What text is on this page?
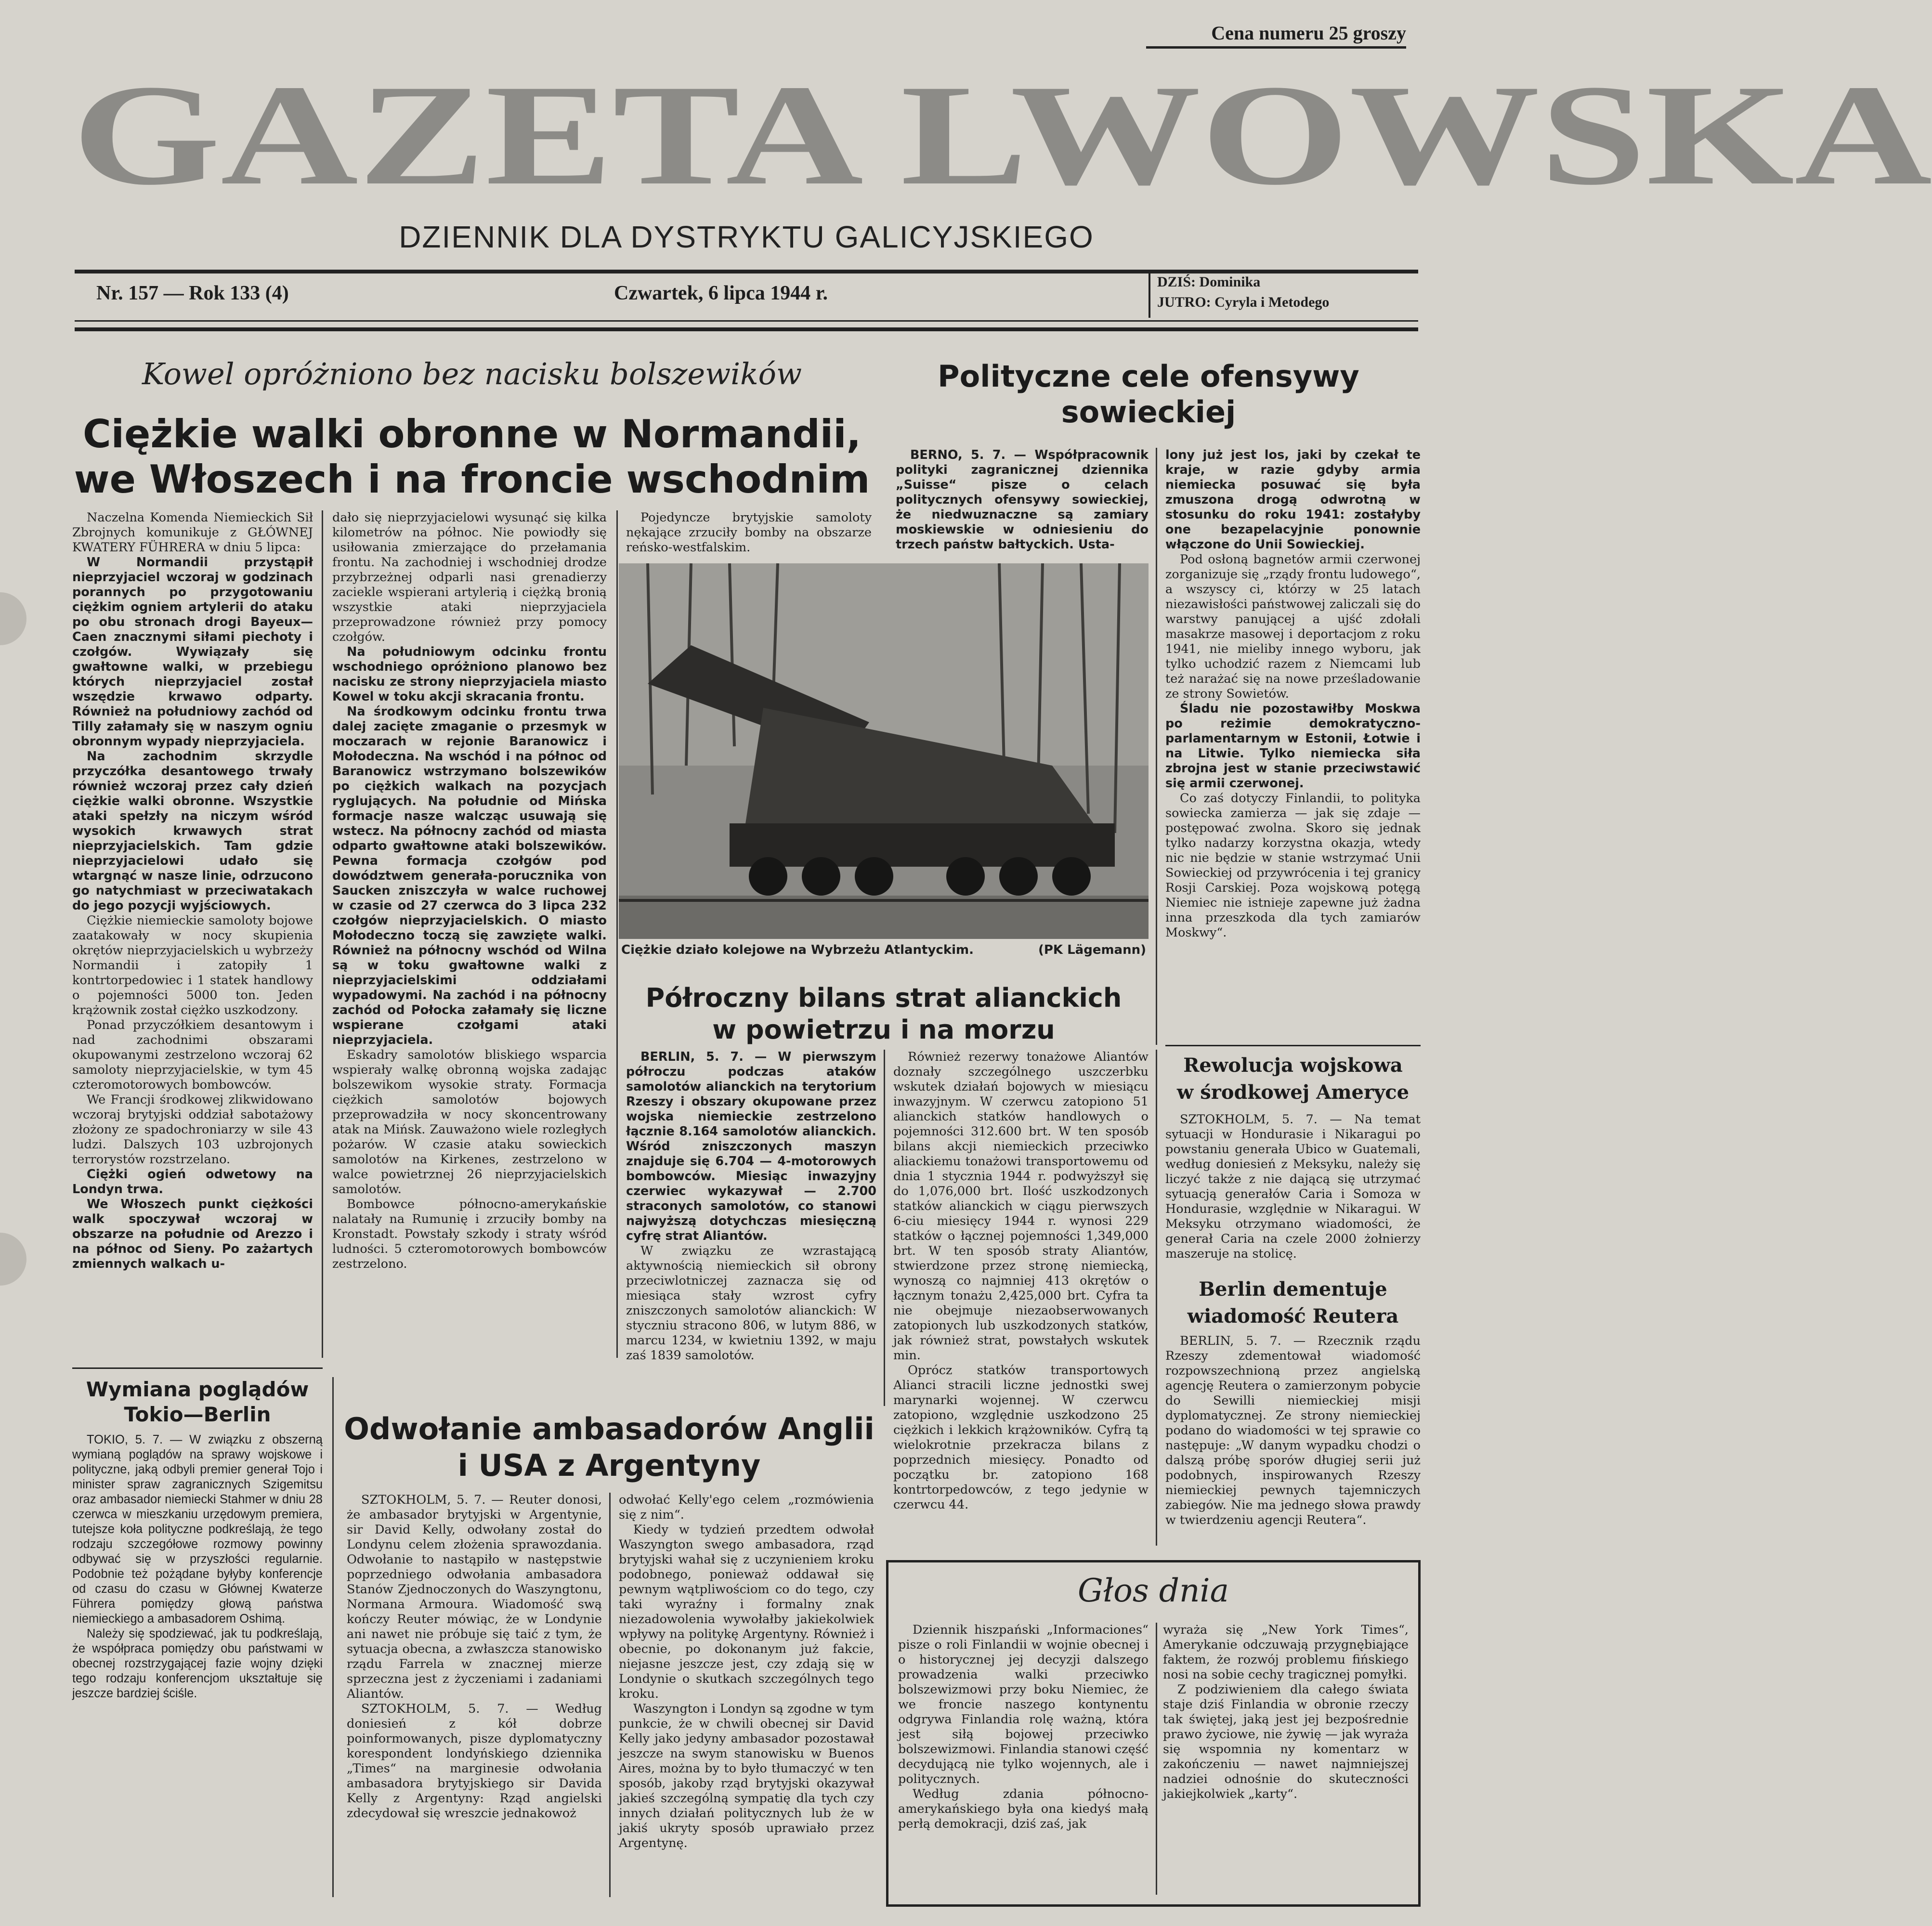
Cena numeru 25 groszy
GAZETA LWOWSKA
DZIENNIK DLA DYSTRYKTU GALICYJSKIEGO
Nr. 157 — Rok 133 (4)	Czwartek, 6 lipca 1944 r.
DZIŚ: Dominika
JUTRO: Cyryla i Metodego
Kowel opróżniono bez nacisku bolszewików
Ciężkie walki obronne w Normandii,
we Włoszech i na froncie wschodnim

Naczelna Komenda Niemieckich Sił Zbrojnych komunikuje z GŁÓWNEJ KWATERY FÜHRERA w dniu 5 lipca:

W Normandii przystąpił nieprzyjaciel wczoraj w godzinach porannych po przygotowaniu ciężkim ogniem artylerii do ataku po obu stronach drogi Bayeux—Caen znacznymi siłami piechoty i czołgów. Wywiązały się gwałtowne walki, w przebiegu których nieprzyjaciel został wszędzie krwawo odparty. Również na południowy zachód od Tilly załamały się w naszym ogniu obronnym wypady nieprzyjaciela.

Na zachodnim skrzydle przyczółka desantowego trwały również wczoraj przez cały dzień ciężkie walki obronne. Wszystkie ataki spełzły na niczym wśród wysokich krwawych strat nieprzyjacielskich. Tam gdzie nieprzyjacielowi udało się wtargnąć w nasze linie, odrzucono go natychmiast w przeciwatakach do jego pozycji wyjściowych.

Ciężkie niemieckie samoloty bojowe zaatakowały w nocy skupienia okrętów nieprzyjacielskich u wybrzeży Normandii i zatopiły 1 kontrtorpedowiec i 1 statek handlowy o pojemności 5000 ton. Jeden krążownik został ciężko uszkodzony.

Ponad przyczółkiem desantowym i nad zachodnimi obszarami okupowanymi zestrzelono wczoraj 62 samoloty nieprzyjacielskie, w tym 45 czteromotorowych bombowców.

We Francji środkowej zlikwidowano wczoraj brytyjski oddział sabotażowy złożony ze spadochroniarzy w sile 43 ludzi. Dalszych 103 uzbrojonych terrorystów rozstrzelano.

Ciężki ogień odwetowy na Londyn trwa.

We Włoszech punkt ciężkości walk spoczywał wczoraj w obszarze na południe od Arezzo i na północ od Sieny. Po zażartych zmiennych walkach u-

dało się nieprzyjacielowi wysunąć się kilka kilometrów na północ. Nie powiodły się usiłowania zmierzające do przełamania frontu. Na zachodniej i wschodniej drodze przybrzeżnej odparli nasi grenadierzy zaciekle wspierani artylerią i ciężką bronią wszystkie ataki nieprzyjaciela przeprowadzone również przy pomocy czołgów.

Na południowym odcinku frontu wschodniego opróżniono planowo bez nacisku ze strony nieprzyjaciela miasto Kowel w toku akcji skracania frontu.

Na środkowym odcinku frontu trwa dalej zacięte zmaganie o przesmyk w moczarach w rejonie Baranowicz i Mołodeczna. Na wschód i na północ od Baranowicz wstrzymano bolszewików po ciężkich walkach na pozycjach ryglujących. Na południe od Mińska formacje nasze walcząc usuwają się wstecz. Na północny zachód od miasta odparto gwałtowne ataki bolszewików. Pewna formacja czołgów pod dowództwem generała-porucznika von Saucken zniszczyła w walce ruchowej w czasie od 27 czerwca do 3 lipca 232 czołgów nieprzyjacielskich. O miasto Mołodeczno toczą się zawzięte walki. Również na północny wschód od Wilna są w toku gwałtowne walki z nieprzyjacielskimi oddziałami wypadowymi. Na zachód i na północny zachód od Połocka załamały się liczne wspierane czołgami ataki nieprzyjaciela.

Eskadry samolotów bliskiego wsparcia wspierały walkę obronną wojska zadając bolszewikom wysokie straty. Formacja ciężkich samolotów bojowych przeprowadziła w nocy skoncentrowany atak na Mińsk. Zauważono wiele rozległych pożarów. W czasie ataku sowieckich samolotów na Kirkenes, zestrzelono w walce powietrznej 26 nieprzyjacielskich samolotów.

Bombowce północno-amerykańskie nalatały na Rumunię i zrzuciły bomby na Kronstadt. Powstały szkody i straty wśród ludności. 5 czteromotorowych bombowców zestrzelono.

Pojedyncze brytyjskie samoloty nękające zrzuciły bomby na obszarze reńsko-westfalskim.

Ciężkie działo kolejowe na Wybrzeżu Atlantyckim.	(PK Lägemann)
Polityczne cele ofensywy sowieckiej

BERNO, 5. 7. — Współpracownik polityki zagranicznej dziennika „Suisse“ pisze o celach politycznych ofensywy sowieckiej, że niedwuznaczne są zamiary moskiewskie w odniesieniu do trzech państw bałtyckich. Usta-

lony już jest los, jaki by czekał te kraje, w razie gdyby armia niemiecka posuwać się była zmuszona drogą odwrotną w stosunku do roku 1941: zostałyby one bezapelacyjnie ponownie włączone do Unii Sowieckiej.

Pod osłoną bagnetów armii czerwonej zorganizuje się „rządy frontu ludowego“, a wszyscy ci, którzy w 25 latach niezawisłości państwowej zaliczali się do warstwy panującej a ujść zdołali masakrze masowej i deportacjom z roku 1941, nie mieliby innego wyboru, jak tylko uchodzić razem z Niemcami lub też narażać się na nowe prześladowanie ze strony Sowietów.

Śladu nie pozostawiłby Moskwa po reżimie demokratyczno-parlamentarnym w Estonii, Łotwie i na Litwie. Tylko niemiecka siła zbrojna jest w stanie przeciwstawić się armii czerwonej.

Co zaś dotyczy Finlandii, to polityka sowiecka zamierza — jak się zdaje — postępować zwolna. Skoro się jednak tylko nadarzy korzystna okazja, wtedy nic nie będzie w stanie wstrzymać Unii Sowieckiej od przywrócenia i tej granicy Rosji Carskiej. Poza wojskową potęgą Niemiec nie istnieje zapewne już żadna inna przeszkoda dla tych zamiarów Moskwy“.

Półroczny bilans strat alianckich
w powietrzu i na morzu

BERLIN, 5. 7. — W pierwszym półroczu podczas ataków samolotów alianckich na terytorium Rzeszy i obszary okupowane przez wojska niemieckie zestrzelono łącznie 8.164 samolotów alianckich. Wśród zniszczonych maszyn znajduje się 6.704 — 4-motorowych bombowców. Miesiąc inwazyjny czerwiec wykazywał — 2.700 straconych samolotów, co stanowi najwyższą dotychczas miesięczną cyfrę strat Aliantów.

W związku ze wzrastającą aktywnością niemieckich sił obrony przeciwlotniczej zaznacza się od miesiąca stały wzrost cyfry zniszczonych samolotów alianckich: W styczniu stracono 806, w lutym 886, w marcu 1234, w kwietniu 1392, w maju zaś 1839 samolotów.

Również rezerwy tonażowe Aliantów doznały szczególnego uszczerbku wskutek działań bojowych w miesiącu inwazyjnym. W czerwcu zatopiono 51 alianckich statków handlowych o pojemności 312.600 brt. W ten sposób bilans akcji niemieckich przeciwko aliackiemu tonażowi transportowemu od dnia 1 stycznia 1944 r. podwyższył się do 1,076,000 brt. Ilość uszkodzonych statków alianckich w ciągu pierwszych 6-ciu miesięcy 1944 r. wynosi 229 statków o łącznej pojemności 1,349,000 brt. W ten sposób straty Aliantów, stwierdzone przez stronę niemiecką, wynoszą co najmniej 413 okrętów o łącznym tonażu 2,425,000 brt. Cyfra ta nie obejmuje niezaobserwowanych zatopionych lub uszkodzonych statków, jak również strat, powstałych wskutek min.

Oprócz statków transportowych Alianci stracili liczne jednostki swej marynarki wojennej. W czerwcu zatopiono, względnie uszkodzono 25 ciężkich i lekkich krążowników. Cyfrą tą wielokrotnie przekracza bilans z poprzednich miesięcy. Ponadto od początku br. zatopiono 168 kontrtorpedowców, z tego jedynie w czerwcu 44.

Rewolucja wojskowa
w środkowej Ameryce

SZTOKHOLM, 5. 7. — Na temat sytuacji w Hondurasie i Nikaragui po powstaniu generała Ubico w Guatemali, według doniesień z Meksyku, należy się liczyć także z nie dającą się utrzymać sytuacją generałów Caria i Somoza w Hondurasie, względnie w Nikaragui. W Meksyku otrzymano wiadomości, że generał Caria na czele 2000 żołnierzy maszeruje na stolicę.

Berlin dementuje
wiadomość Reutera

BERLIN, 5. 7. — Rzecznik rządu Rzeszy zdementował wiadomość rozpowszechnioną przez angielską agencję Reutera o zamierzonym pobycie do Sewilli niemieckiej misji dyplomatycznej. Ze strony niemieckiej podano do wiadomości w tej sprawie co następuje: „W danym wypadku chodzi o dalszą próbę sporów długiej serii już podobnych, inspirowanych Rzeszy niemieckiej pewnych tajemniczych zabiegów. Nie ma jednego słowa prawdy w twierdzeniu agencji Reutera“.

Wymiana poglądów
Tokio—Berlin

TOKIO, 5. 7. — W związku z obszerną wymianą poglądów na sprawy wojskowe i polityczne, jaką odbyli premier generał Tojo i minister spraw zagranicznych Szigemitsu oraz ambasador niemiecki Stahmer w dniu 28 czerwca w mieszkaniu urzędowym premiera, tutejsze koła polityczne podkreślają, że tego rodzaju szczegółowe rozmowy powinny odbywać się w przyszłości regularnie. Podobnie też pożądane byłyby konferencje od czasu do czasu w Głównej Kwaterze Führera pomiędzy głową państwa niemieckiego a ambasadorem Oshimą.

Należy się spodziewać, jak tu podkreślają, że współpraca pomiędzy obu państwami w obecnej rozstrzygającej fazie wojny dzięki tego rodzaju konferencjom ukształtuje się jeszcze bardziej ściśle.

Odwołanie ambasadorów Anglii
i USA z Argentyny

SZTOKHOLM, 5. 7. — Reuter donosi, że ambasador brytyjski w Argentynie, sir David Kelly, odwołany został do Londynu celem złożenia sprawozdania. Odwołanie to nastąpiło w następstwie poprzedniego odwołania ambasadora Stanów Zjednoczonych do Waszyngtonu, Normana Armoura. Wiadomość swą kończy Reuter mówiąc, że w Londynie ani nawet nie próbuje się taić z tym, że sytuacja obecna, a zwłaszcza stanowisko rządu Farrela w znacznej mierze sprzeczna jest z życzeniami i zadaniami Aliantów.

SZTOKHOLM, 5. 7. — Według doniesień z kół dobrze poinformowanych, pisze dyplomatyczny korespondent londyńskiego dziennika „Times“ na marginesie odwołania ambasadora brytyjskiego sir Davida Kelly z Argentyny: Rząd angielski zdecydował się wreszcie jednakowoż

odwołać Kelly'ego celem „rozmówienia się z nim“.

Kiedy w tydzień przedtem odwołał Waszyngton swego ambasadora, rząd brytyjski wahał się z uczynieniem kroku podobnego, ponieważ oddawał się pewnym wątpliwościom co do tego, czy taki wyraźny i formalny znak niezadowolenia wywołałby jakiekolwiek wpływy na politykę Argentyny. Również i obecnie, po dokonanym już fakcie, niejasne jeszcze jest, czy zdają się w Londynie o skutkach szczególnych tego kroku.

Waszyngton i Londyn są zgodne w tym punkcie, że w chwili obecnej sir David Kelly jako jedyny ambasador pozostawał jeszcze na swym stanowisku w Buenos Aires, można by to było tłumaczyć w ten sposób, jakoby rząd brytyjski okazywał jakieś szczególną sympatię dla tych czy innych działań politycznych lub że w jakiś ukryty sposób uprawiało przez Argentynę.

Głos dnia

Dziennik hiszpański „Informaciones“ pisze o roli Finlandii w wojnie obecnej i o historycznej jej decyzji dalszego prowadzenia walki przeciwko bolszewizmowi przy boku Niemiec, że we froncie naszego kontynentu odgrywa Finlandia rolę ważną, która jest siłą bojowej przeciwko bolszewizmowi. Finlandia stanowi część decydującą nie tylko wojennych, ale i politycznych.

Według zdania północno-amerykańskiego była ona kiedyś małą perłą demokracji, dziś zaś, jak

wyraża się „New York Times“, Amerykanie odczuwają przygnębiające faktem, że rozwój problemu fińskiego nosi na sobie cechy tragicznej pomyłki.

Z podziwieniem dla całego świata staje dziś Finlandia w obronie rzeczy tak świętej, jaką jest jej bezpośrednie prawo życiowe, nie żywię — jak wyraża się wspomnia ny komentarz w zakończeniu — nawet najmniejszej nadziei odnośnie do skuteczności jakiejkolwiek „karty“.
